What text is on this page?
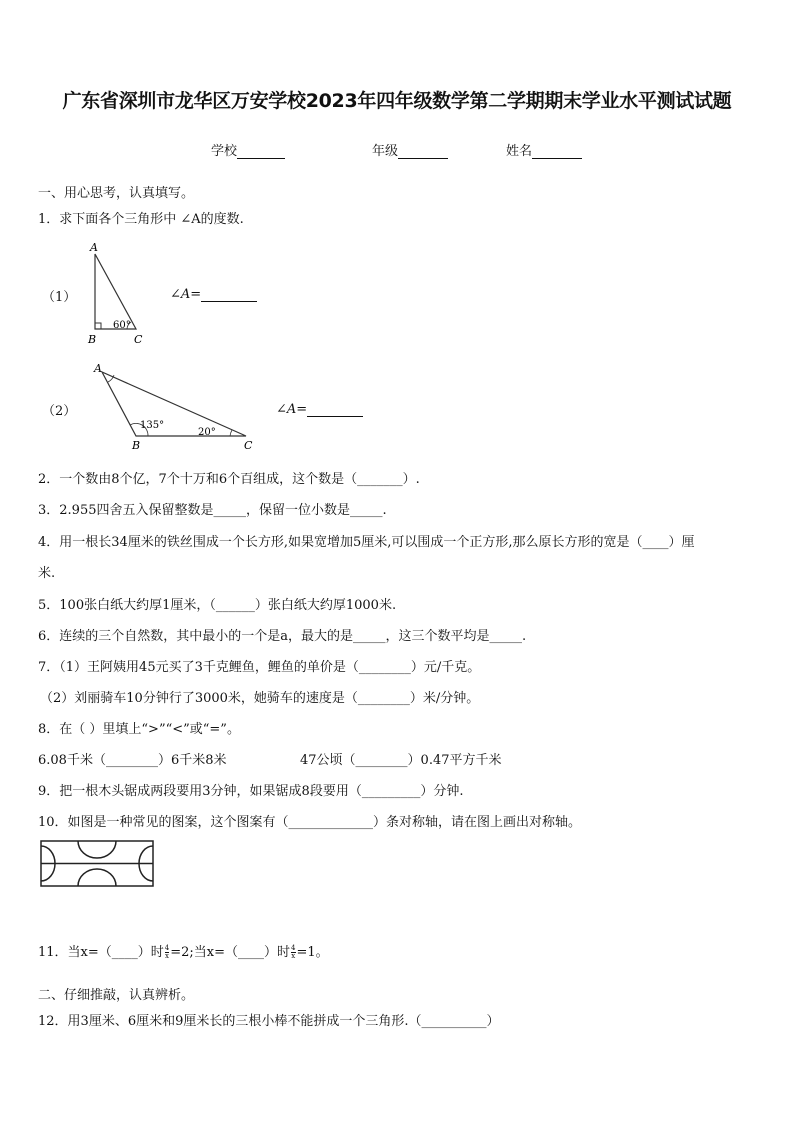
广东省深圳市龙华区万安学校2023年四年级数学第二学期期末学业水平测试试题
学校	年级	姓名
一、用心思考，认真填写。
1．求下面各个三角形中 ∠A的度数.
（1）
A
B	C
60°
∠A=
（2）
A
B	C
135°
20°
∠A=
2．一个数由8个亿，7个十万和6个百组成，这个数是（_______）.
3．2.955四舍五入保留整数是_____，保留一位小数是_____.
4．用一根长34厘米的铁丝围成一个长方形,如果宽增加5厘米,可以围成一个正方形,那么原长方形的宽是（____）厘
米.
5．100张白纸大约厚1厘米，（______）张白纸大约厚1000米.
6．连续的三个自然数，其中最小的一个是a，最大的是_____，这三个数平均是_____.
7．（1）王阿姨用45元买了3千克鲤鱼，鲤鱼的单价是（________）元/千克。
（2）刘丽骑车10分钟行了3000米，她骑车的速度是（________）米/分钟。
8．在（ ）里填上“>”“<”或“=”。
6.08千米（________）6千米8米	47公顷（________）0.47平方千米
9．把一根木头锯成两段要用3分钟，如果锯成8段要用（_________）分钟.
10．如图是一种常见的图案，这个图案有（_____________）条对称轴，请在图上画出对称轴。
11．当x=（____）时 $\frac{4}{x} =2$;当x=（____）时 $\frac{4}{x} =1$。
二、仔细推敲，认真辨析。
12．用3厘米、6厘米和9厘米长的三根小棒不能拼成一个三角形.（__________）
